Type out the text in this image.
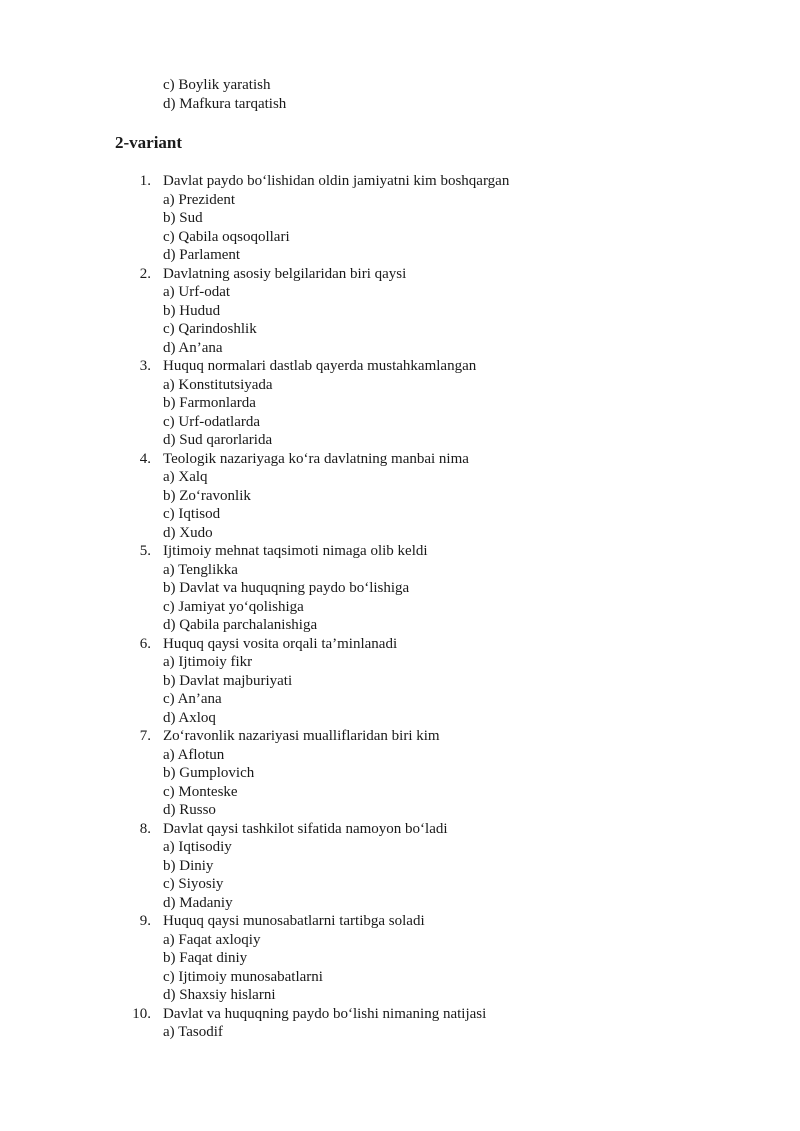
c) Boylik yaratish
d) Mafkura tarqatish
2-variant
1. Davlat paydo bo‘lishidan oldin jamiyatni kim boshqargan
a) Prezident
b) Sud
c) Qabila oqsoqollari
d) Parlament
2. Davlatning asosiy belgilaridan biri qaysi
a) Urf-odat
b) Hudud
c) Qarindoshlik
d) An’ana
3. Huquq normalari dastlab qayerda mustahkamlangan
a) Konstitutsiyada
b) Farmonlarda
c) Urf-odatlarda
d) Sud qarorlarida
4. Teologik nazariyaga ko‘ra davlatning manbai nima
a) Xalq
b) Zo‘ravonlik
c) Iqtisod
d) Xudo
5. Ijtimoiy mehnat taqsimoti nimaga olib keldi
a) Tenglikka
b) Davlat va huquqning paydo bo‘lishiga
c) Jamiyat yo‘qolishiga
d) Qabila parchalanishiga
6. Huquq qaysi vosita orqali ta’minlanadi
a) Ijtimoiy fikr
b) Davlat majburiyati
c) An’ana
d) Axloq
7. Zo‘ravonlik nazariyasi mualliflaridan biri kim
a) Aflotun
b) Gumplovich
c) Monteske
d) Russo
8. Davlat qaysi tashkilot sifatida namoyon bo‘ladi
a) Iqtisodiy
b) Diniy
c) Siyosiy
d) Madaniy
9. Huquq qaysi munosabatlarni tartibga soladi
a) Faqat axloqiy
b) Faqat diniy
c) Ijtimoiy munosabatlarni
d) Shaxsiy hislarni
10. Davlat va huquqning paydo bo‘lishi nimaning natijasi
a) Tasodif
